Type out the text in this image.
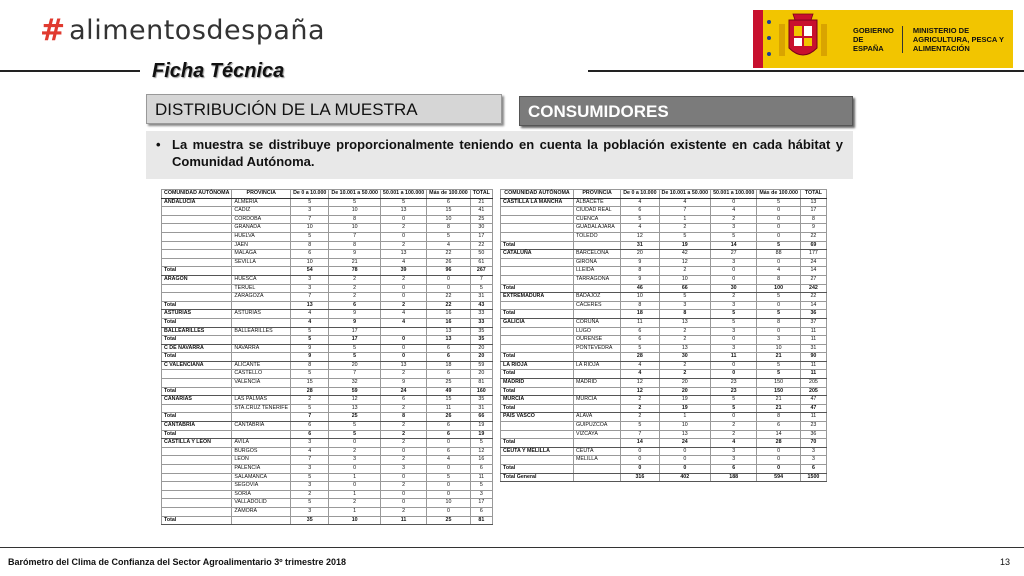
# alimentosdespaña	GOBIERNO DE ESPAÑA
MINISTERIO DE AGRICULTURA, PESCA Y ALIMENTACIÓN
Ficha Técnica
DISTRIBUCIÓN DE LA MUESTRA	CONSUMIDORES
• La muestra se distribuye proporcionalmente teniendo en cuenta la población existente en cada hábitat y Comunidad Autónoma.
COMUNIDAD AUTÓNOMA	PROVINCIA	De 0 a 10.000	De 10.001 a 50.000	50.001 a 100.000	Más de 100.000	TOTAL
ANDALUCIA	ALMERIA	5	5	5	6	21
	CADIZ	3	10	13	15	41
	CORDOBA	7	8	0	10	25
	GRANADA	10	10	2	8	30
	HUELVA	5	7	0	5	17
	JAEN	8	8	2	4	22
	MALAGA	6	9	13	22	50
	SEVILLA	10	21	4	26	61
Total		54	78	39	96	267
ARAGON	HUESCA	3	2	2	0	7
	TERUEL	3	2	0	0	5
	ZARAGOZA	7	2	0	22	31
Total		13	6	2	22	43
ASTURIAS	ASTURIAS	4	9	4	16	33
Total		4	9	4	16	33
BALLEARILLES	BALLEARILLES	5	17		13	35
Total		5	17	0	13	35
C DE NAVARRA	NAVARRA	9	5	0	6	20
Total		9	5	0	6	20
C VALENCIANA	ALICANTE	8	20	13	18	59
	CASTELLO	5	7	2	6	20
	VALENCIA	15	32	9	25	81
Total		28	59	24	49	160
CANARIAS	LAS PALMAS	2	12	6	15	35
	STA.CRUZ TENERIFE	5	13	2	11	31
Total		7	25	8	26	66
CANTABRIA	CANTABRIA	6	5	2	6	19
Total		6	5	2	6	19
CASTILLA Y LEON	AVILA	3	0	2	0	5
	BURGOS	4	2	0	6	12
	LEON	7	3	2	4	16
	PALENCIA	3	0	3	0	6
	SALAMANCA	5	1	0	5	11
	SEGOVIA	3	0	2	0	5
	SORIA	2	1	0	0	3
	VALLADOLID	5	2	0	10	17
	ZAMORA	3	1	2	0	6
Total		35	10	11	25	81
COMUNIDAD AUTÓNOMA	PROVINCIA	De 0 a 10.000	De 10.001 a 50.000	50.001 a 100.000	Más de 100.000	TOTAL
CASTILLA LA MANCHA	ALBACETE	4	4	0	5	13
	CIUDAD REAL	6	7	4	0	17
	CUENCA	5	1	2	0	8
	GUADALAJARA	4	2	3	0	9
	TOLEDO	12	5	5	0	22
Total		31	19	14	5	69
CATALUÑA	BARCELONA	20	42	27	88	177
	GIRONA	9	12	3	0	24
	LLEIDA	8	2	0	4	14
	TARRAGONA	9	10	0	8	27
Total		46	66	30	100	242
EXTREMADURA	BADAJOZ	10	5	2	5	22
	CACERES	8	3	3	0	14
Total		18	8	5	5	36
GALICIA	CORUÑA	11	13	5	8	37
	LUGO	6	2	3	0	11
	OURENSE	6	2	0	3	11
	PONTEVEDRA	5	13	3	10	31
Total		28	30	11	21	90
LA RIOJA	LA RIOJA	4	2	0	5	11
Total		4	2	0	5	11
MADRID	MADRID	12	20	23	150	205
Total		12	20	23	150	205
MURCIA	MURCIA	2	19	5	21	47
Total		2	19	5	21	47
PAIS VASCO	ALAVA	2	1	0	8	11
	GUIPUZCOA	5	10	2	6	23
	VIZCAYA	7	13	2	14	36
Total		14	24	4	28	70
CEUTA Y MELILLA	CEUTA	0	0	3	0	3
	MELILLA	0	0	3	0	3
Total		0	0	6	0	6
Total General		316	402	188	594	1500
Barómetro del Clima de Confianza del Sector Agroalimentario 3º trimestre 2018	13
